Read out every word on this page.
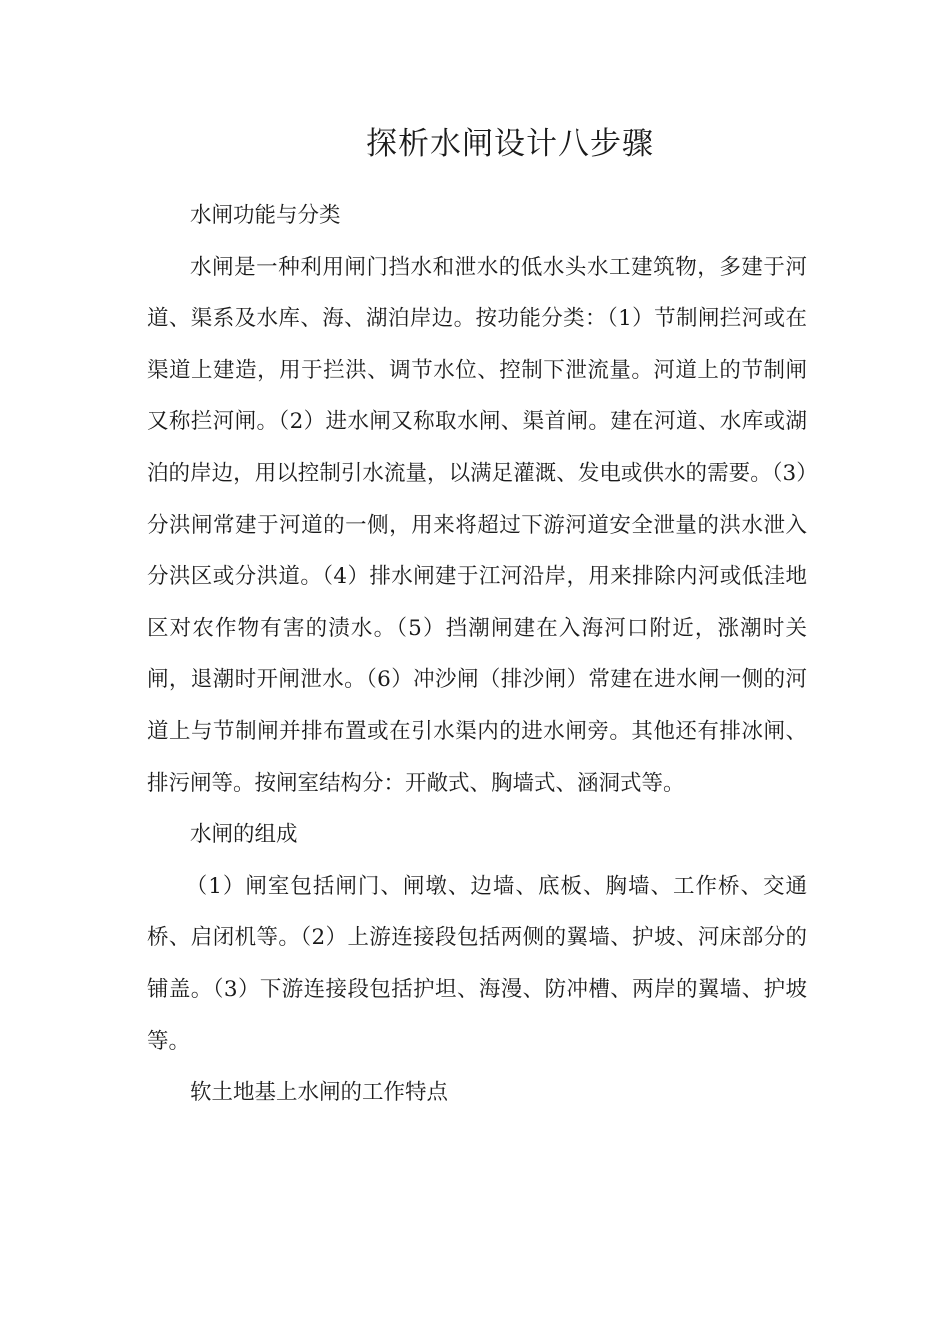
探析水闸设计八步骤

水闸功能与分类

水闸是一种利用闸门挡水和泄水的低水头水工建筑物，多建于河道、渠系及水库、海、湖泊岸边。按功能分类：（1）节制闸拦河或在渠道上建造，用于拦洪、调节水位、控制下泄流量。河道上的节制闸又称拦河闸。（2）进水闸又称取水闸、渠首闸。建在河道、水库或湖泊的岸边，用以控制引水流量，以满足灌溉、发电或供水的需要。（3）分洪闸常建于河道的一侧，用来将超过下游河道安全泄量的洪水泄入分洪区或分洪道。（4）排水闸建于江河沿岸，用来排除内河或低洼地区对农作物有害的渍水。（5）挡潮闸建在入海河口附近，涨潮时关闸，退潮时开闸泄水。（6）冲沙闸（排沙闸）常建在进水闸一侧的河道上与节制闸并排布置或在引水渠内的进水闸旁。其他还有排冰闸、排污闸等。按闸室结构分：开敞式、胸墙式、涵洞式等。

水闸的组成

（1）闸室包括闸门、闸墩、边墙、底板、胸墙、工作桥、交通桥、启闭机等。（2）上游连接段包括两侧的翼墙、护坡、河床部分的铺盖。（3）下游连接段包括护坦、海漫、防冲槽、两岸的翼墙、护坡等。

软土地基上水闸的工作特点
